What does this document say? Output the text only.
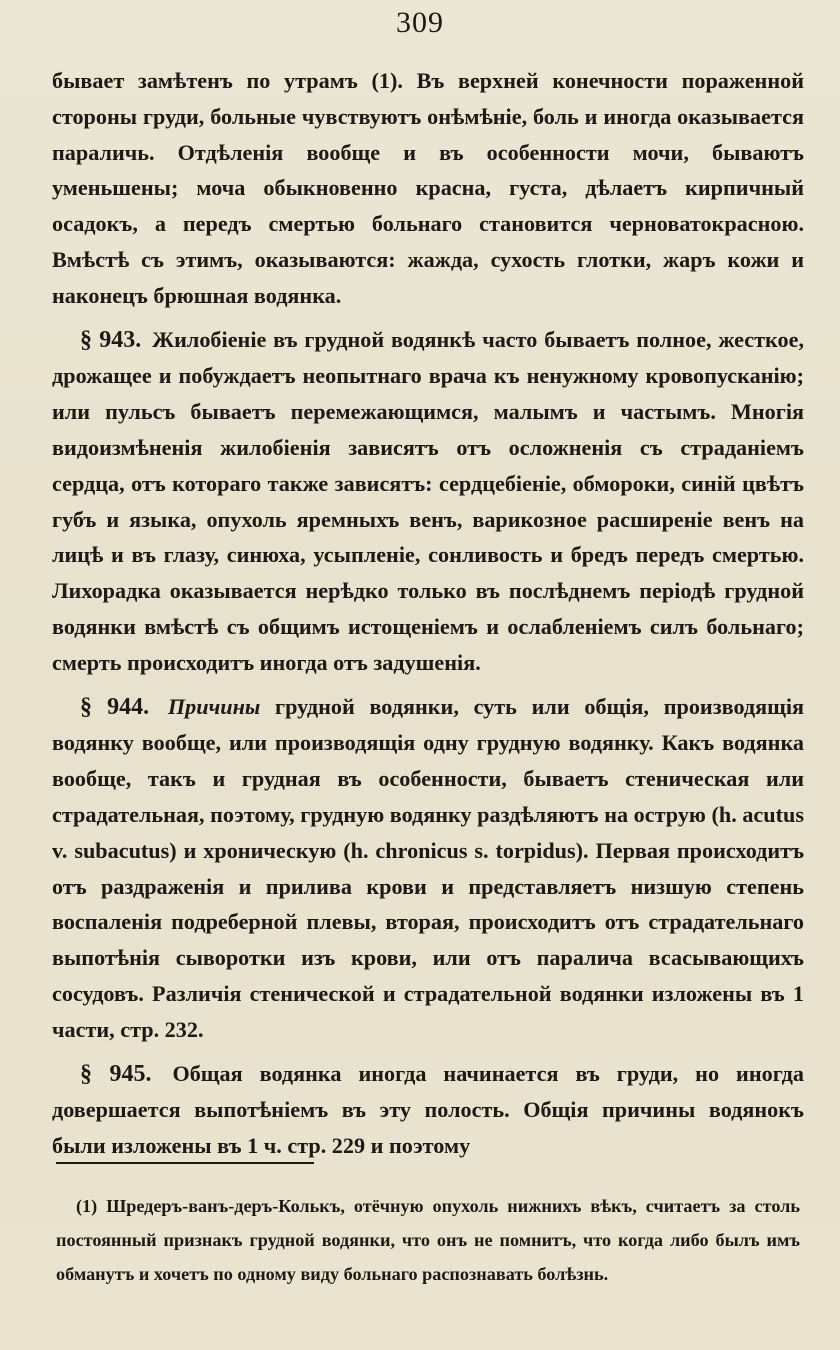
309

бывает замѣтенъ по утрамъ (1). Въ верхней конечности пораженной стороны груди, больные чувствуютъ онѣмѣніе, боль и иногда оказывается параличь. Отдѣленія вообще и въ особенности мочи, бываютъ уменьшены; моча обыкновенно красна, густа, дѣлаетъ кирпичный осадокъ, а передъ смертью больнаго становится черноватокрасною. Вмѣстѣ съ этимъ, оказываются: жажда, сухость глотки, жаръ кожи и наконецъ брюшная водянка.

§ 943. Жилобіеніе въ грудной водянкѣ часто бываетъ полное, жесткое, дрожащее и побуждаетъ неопытнаго врача къ ненужному кровопусканію; или пульсъ бываетъ перемежающимся, малымъ и частымъ. Многія видоизмѣненія жилобіенія зависятъ отъ осложненія съ страданіемъ сердца, отъ котораго также зависятъ: сердцебіеніе, обмороки, синій цвѣтъ губъ и языка, опухоль яремныхъ венъ, варикозное расширеніе венъ на лицѣ и въ глазу, синюха, усыпленіе, сонливость и бредъ передъ смертью. Лихорадка оказывается нерѣдко только въ послѣднемъ періодѣ грудной водянки вмѣстѣ съ общимъ истощеніемъ и ослабленіемъ силъ больнаго; смерть происходитъ иногда отъ задушенія.

§ 944. Причины грудной водянки, суть или общія, производящія водянку вообще, или производящія одну грудную водянку. Какъ водянка вообще, такъ и грудная въ особенности, бываетъ стеническая или страдательная, поэтому, грудную водянку раздѣляютъ на острую (h. acutus v. subacutus) и хроническую (h. chronicus s. torpidus). Первая происходитъ отъ раздраженія и прилива крови и представляетъ низшую степень воспаленія подреберной плевы, вторая, происходитъ отъ страдательнаго выпотѣнія сыворотки изъ крови, или отъ паралича всасывающихъ сосудовъ. Различія стенической и страдательной водянки изложены въ 1 части, стр. 232.

§ 945. Общая водянка иногда начинается въ груди, но иногда довершается выпотѣніемъ въ эту полость. Общія причины водянокъ были изложены въ 1 ч. стр. 229 и поэтому

(1) Шредеръ-ванъ-деръ-Колькъ, отёчную опухоль нижнихъ вѣкъ, считаетъ за столь постоянный признакъ грудной водянки, что онъ не помнитъ, что когда либо былъ имъ обманутъ и хочетъ по одному виду больнаго распознавать болѣзнь.
